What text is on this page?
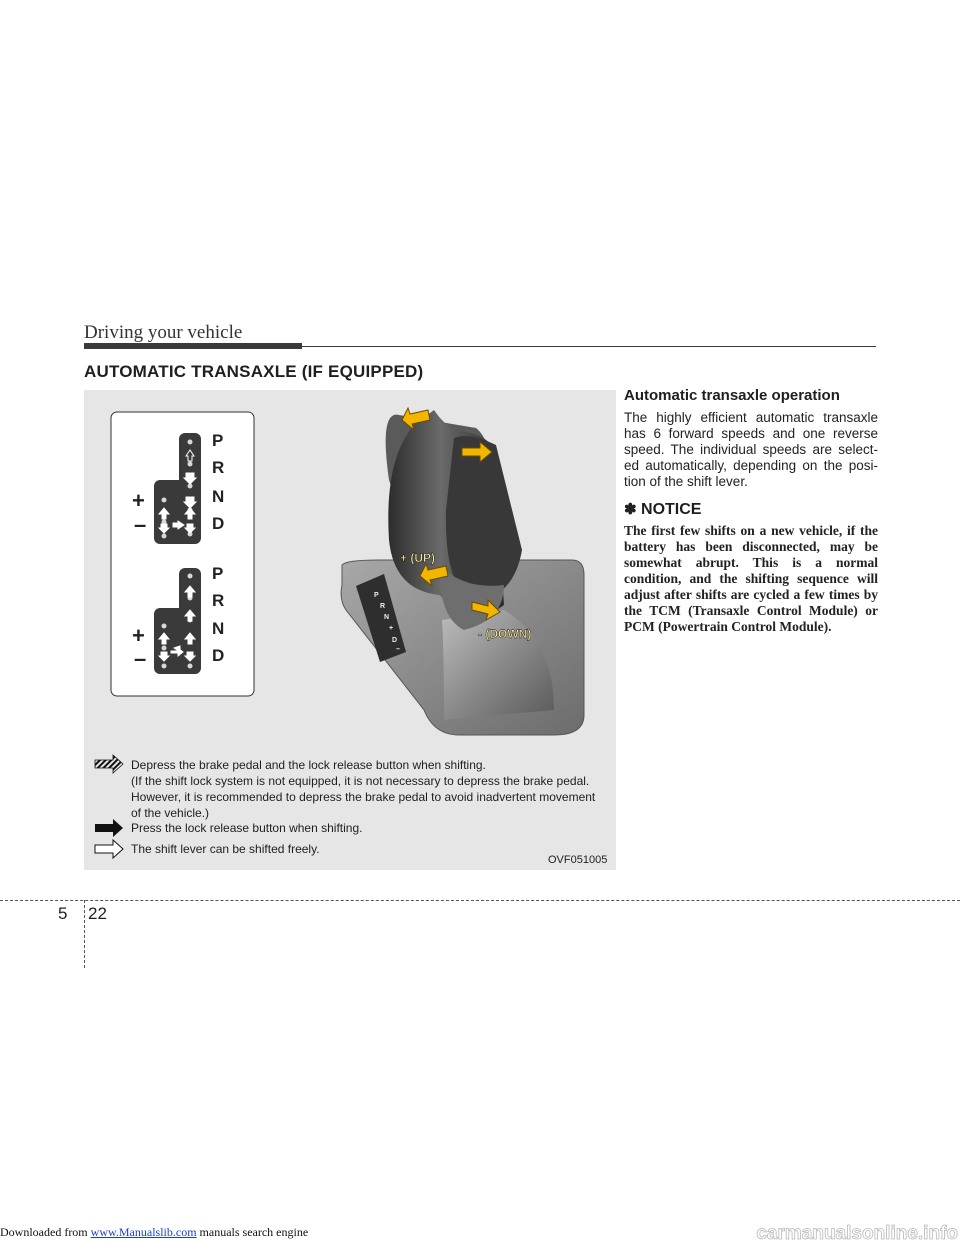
Driving your vehicle
AUTOMATIC TRANSAXLE (IF EQUIPPED)
+
–
+
–
P
R
N
D
P
R
N
D
P
R
N
+
D
–
+ (UP)
- (DOWN)
Depress the brake pedal and the lock release button when shifting.
(If the shift lock system is not equipped, it is not necessary to depress the brake pedal.
However, it is recommended to depress the brake pedal to avoid inadvertent movement
of the vehicle.)
Press the lock release button when shifting.
The shift lever can be shifted freely.
OVF051005
Automatic transaxle operation
The highly efficient automatic transaxle has 6 forward speeds and one reverse speed. The individual speeds are select-ed automatically, depending on the posi-tion of the shift lever.
✽ NOTICE
The first few shifts on a new vehicle, if the battery has been disconnected, may be somewhat abrupt. This is a normal condition, and the shifting sequence will adjust after shifts are cycled a few times by the TCM (Transaxle Control Module) or PCM (Powertrain Control Module).
5 22
Downloaded from www.Manualslib.com manuals search engine	carmanualsonline.info
